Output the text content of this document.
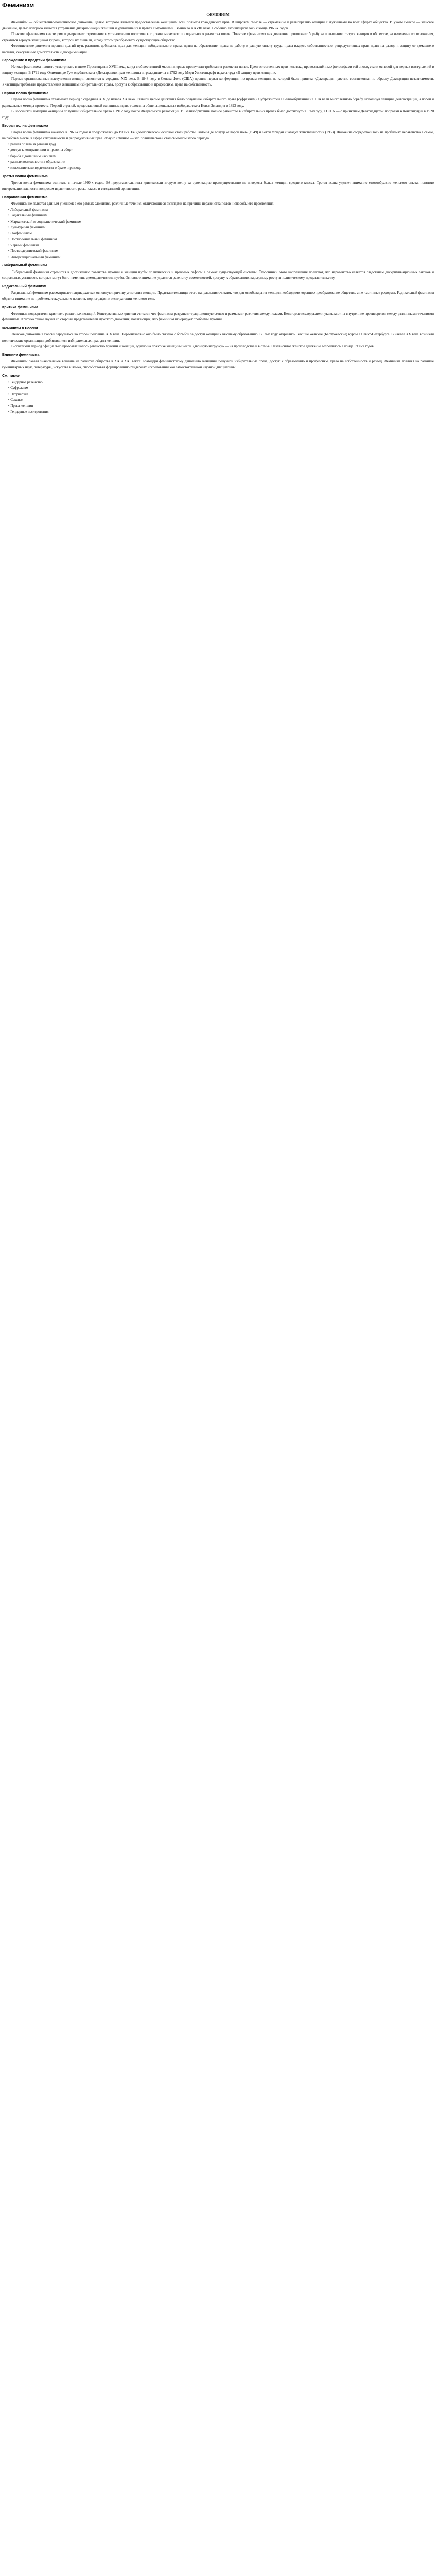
Феминизм
ФЕМИНИЗМ

Фемини́зм — общественно-политическое движение, целью которого является предоставление женщинам всей полноты гражданских прав. В широком смысле — стремление к равноправию женщин с мужчинами во всех сферах общества. В узком смысле — женское движение, целью которого является устранение дискриминации женщин и уравнение их в правах с мужчинами. Возникло в XVIII веке. Особенно активизировалось с конца 1960-х годов.

Понятие «феминизм» как теория подчеркивает стремление к установлению политического, экономического и социального равенства полов. Понятие «феминизм» как движение продолжает борьбу за повышение статуса женщин в обществе, за изменение их положения, стремится вернуть женщинам ту роль, которой их лишили, и ради этого преобразовать существующее общество.

Феминистские движения прошли долгий путь развития, добиваясь прав для женщин: избирательного права, права на образование, права на работу и равную оплату труда, права владеть собственностью, репродуктивных прав, права на развод и защиту от домашнего насилия, сексуальных домогательств и дискриминации.

Зарождение и предтечи феминизма

Истоки феминизма принято усматривать в эпохе Просвещения XVIII века, когда в общественной мысли впервые прозвучали требования равенства полов. Идеи естественных прав человека, провозглашённые философами той эпохи, стали основой для первых выступлений в защиту женщин. В 1791 году Олимпия де Гуж опубликовала «Декларацию прав женщины и гражданки», а в 1792 году Мэри Уолстонкрафт издала труд «В защиту прав женщин».

Первые организованные выступления женщин относятся к середине XIX века. В 1848 году в Сенека-Фолс (США) прошла первая конференция по правам женщин, на которой была принята «Декларация чувств», составленная по образцу Декларации независимости. Участницы требовали предоставления женщинам избирательного права, доступа к образованию и профессиям, права на собственность.

Первая волна феминизма

Первая волна феминизма охватывает период с середины XIX до начала XX века. Главной целью движения было получение избирательного права (суфражизм). Суфражистки в Великобритании и США вели многолетнюю борьбу, используя петиции, демонстрации, а порой и радикальные методы протеста. Первой страной, предоставившей женщинам право голоса на общенациональных выборах, стала Новая Зеландия в 1893 году.

В Российской империи женщины получили избирательное право в 1917 году после Февральской революции. В Великобритании полное равенство в избирательных правах было достигнуто в 1928 году, в США — с принятием Девятнадцатой поправки к Конституции в 1920 году.

Вторая волна феминизма

Вторая волна феминизма началась в 1960-х годах и продолжалась до 1980-х. Её идеологической основой стали работы Симоны де Бовуар «Второй пол» (1949) и Бетти Фридан «Загадка женственности» (1963). Движение сосредоточилось на проблемах неравенства в семье, на рабочем месте, в сфере сексуальности и репродуктивных прав. Лозунг «Личное — это политическое» стал символом этого периода.

• равная оплата за равный труд
• доступ к контрацепции и право на аборт
• борьба с домашним насилием
• равные возможности в образовании
• изменение законодательства о браке и разводе
Третья волна феминизма

Третья волна феминизма возникла в начале 1990-х годов. Её представительницы критиковали вторую волну за ориентацию преимущественно на интересы белых женщин среднего класса. Третья волна уделяет внимание многообразию женского опыта, понятию интерсекциональности, вопросам идентичности, расы, класса и сексуальной ориентации.

Направления феминизма

Феминизм не является единым учением; в его рамках сложились различные течения, отличающиеся взглядами на причины неравенства полов и способы его преодоления.

• Либеральный феминизм
• Радикальный феминизм
• Марксистский и социалистический феминизм
• Культурный феминизм
• Экофеминизм
• Постколониальный феминизм
• Чёрный феминизм
• Постмодернистский феминизм
• Интерсекциональный феминизм
Либеральный феминизм

Либеральный феминизм стремится к достижению равенства мужчин и женщин путём политических и правовых реформ в рамках существующей системы. Сторонники этого направления полагают, что неравенство является следствием дискриминационных законов и социальных установок, которые могут быть изменены демократическим путём. Основное внимание уделяется равенству возможностей, доступу к образованию, карьерному росту и политическому представительству.

Радикальный феминизм

Радикальный феминизм рассматривает патриархат как основную причину угнетения женщин. Представительницы этого направления считают, что для освобождения женщин необходимо коренное преобразование общества, а не частичные реформы. Радикальный феминизм обратил внимание на проблемы сексуального насилия, порнографии и эксплуатации женского тела.

Критика феминизма

Феминизм подвергается критике с различных позиций. Консервативные критики считают, что феминизм разрушает традиционную семью и размывает различия между полами. Некоторые исследователи указывают на внутренние противоречия между различными течениями феминизма. Критика также звучит со стороны представителей мужского движения, полагающих, что феминизм игнорирует проблемы мужчин.

Феминизм в России

Женское движение в России зародилось во второй половине XIX века. Первоначально оно было связано с борьбой за доступ женщин к высшему образованию. В 1878 году открылись Высшие женские (Бестужевские) курсы в Санкт-Петербурге. В начале XX века возникли политические организации, добивавшиеся избирательных прав для женщин.

В советский период официально провозглашалось равенство мужчин и женщин, однако на практике женщины несли «двойную нагрузку» — на производстве и в семье. Независимое женское движение возродилось в конце 1980-х годов.

Влияние феминизма

Феминизм оказал значительное влияние на развитие общества в XX и XXI веках. Благодаря феминистскому движению женщины получили избирательные права, доступ к образованию и профессиям, право на собственность и развод. Феминизм повлиял на развитие гуманитарных наук, литературы, искусства и языка, способствовал формированию гендерных исследований как самостоятельной научной дисциплины.

См. также
• Гендерное равенство
• Суфражизм
• Патриархат
• Сексизм
• Права женщин
• Гендерные исследования
